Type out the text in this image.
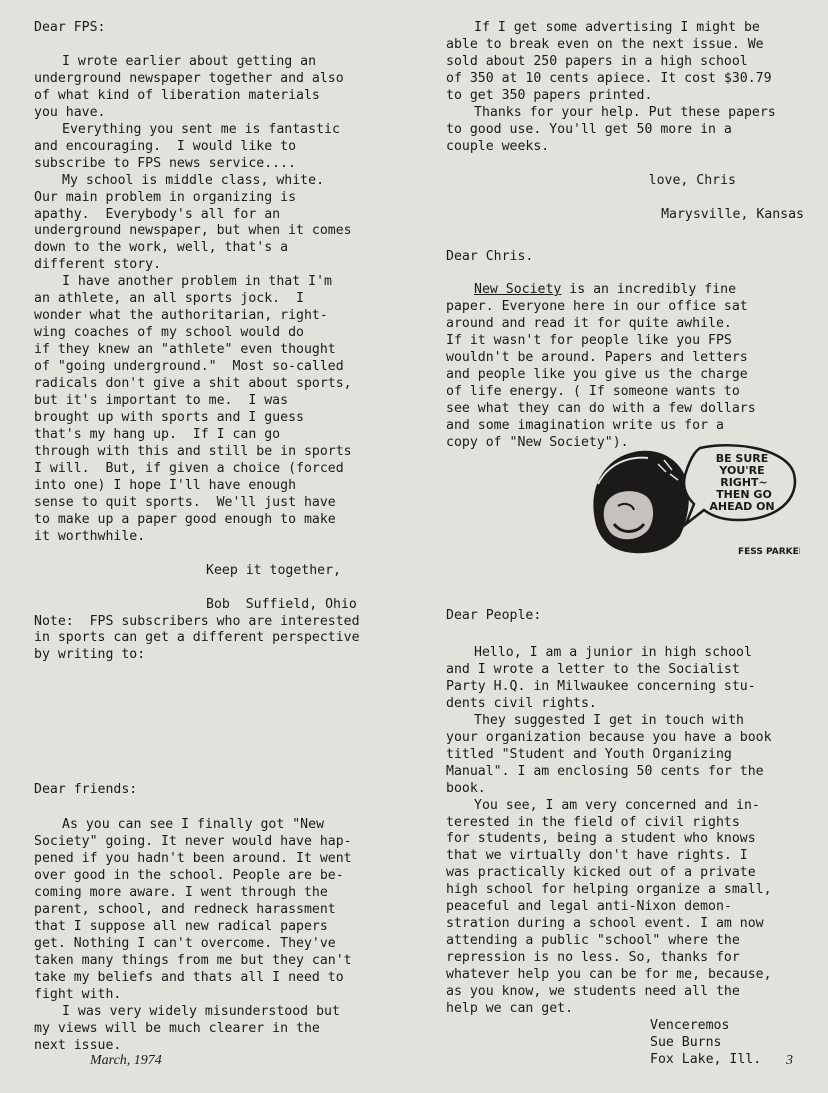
Dear FPS:

I wrote earlier about getting an

underground newspaper together and also

of what kind of liberation materials

you have.

Everything you sent me is fantastic

and encouraging.  I would like to

subscribe to FPS news service....

My school is middle class, white.

Our main problem in organizing is

apathy.  Everybody's all for an

underground newspaper, but when it comes

down to the work, well, that's a

different story.

I have another problem in that I'm

an athlete, an all sports jock.  I

wonder what the authoritarian, right-

wing coaches of my school would do

if they knew an "athlete" even thought

of "going underground."  Most so-called

radicals don't give a shit about sports,

but it's important to me.  I was

brought up with sports and I guess

that's my hang up.  If I can go

through with this and still be in sports

I will.  But, if given a choice (forced

into one) I hope I'll have enough

sense to quit sports.  We'll just have

to make up a paper good enough to make

it worthwhile.

Keep it together,

Bob  Suffield, Ohio

Note:  FPS subscribers who are interested

in sports can get a different perspective

by writing to:

Dear friends:

As you can see I finally got "New

Society" going. It never would have hap-

pened if you hadn't been around. It went

over good in the school. People are be-

coming more aware. I went through the

parent, school, and redneck harassment

that I suppose all new radical papers

get. Nothing I can't overcome. They've

taken many things from me but they can't

take my beliefs and thats all I need to

fight with.

I was very widely misunderstood but

my views will be much clearer in the

next issue.

If I get some advertising I might be

able to break even on the next issue. We

sold about 250 papers in a high school

of 350 at 10 cents apiece. It cost $30.79

to get 350 papers printed.

Thanks for your help. Put these papers

to good use. You'll get 50 more in a

couple weeks.

love, Chris

Marysville, Kansas

Dear Chris.

New Society is an incredibly fine

paper. Everyone here in our office sat

around and read it for quite awhile.

If it wasn't for people like you FPS

wouldn't be around. Papers and letters

and people like you give us the charge

of life energy. ( If someone wants to

see what they can do with a few dollars

and some imagination write us for a

copy of "New Society").

Dear People:

Hello, I am a junior in high school

and I wrote a letter to the Socialist

Party H.Q. in Milwaukee concerning stu-

dents civil rights.

They suggested I get in touch with

your organization because you have a book

titled "Student and Youth Organizing

Manual". I am enclosing 50 cents for the

book.

You see, I am very concerned and in-

terested in the field of civil rights

for students, being a student who knows

that we virtually don't have rights. I

was practically kicked out of a private

high school for helping organize a small,

peaceful and legal anti-Nixon demon-

stration during a school event. I am now

attending a public "school" where the

repression is no less. So, thanks for

whatever help you can be for me, because,

as you know, we students need all the

help we can get.

Venceremos

Sue Burns

Fox Lake, Ill.

BE SURE
YOU'RE
RIGHT~
THEN GO
AHEAD ON
FESS PARKER
March, 1974	3
